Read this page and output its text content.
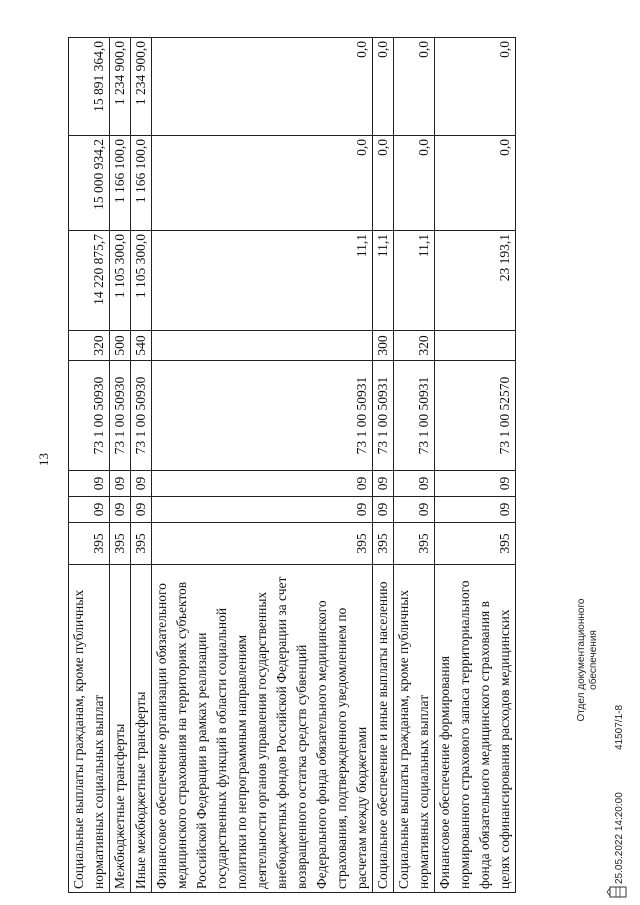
13
Социальные выплаты гражданам, кроме публичных нормативных социальных выплат	395	09	09	73 1 00 50930	320	14 220 875,7	15 000 934,2	15 891 364,0
Межбюджетные трансферты	395	09	09	73 1 00 50930	500	1 105 300,0	1 166 100,0	1 234 900,0
Иные межбюджетные трансферты	395	09	09	73 1 00 50930	540	1 105 300,0	1 166 100,0	1 234 900,0
Финансовое обеспечение организации обязательного медицинского страхования на территориях субъектов Российской Федерации в рамках реализации государственных функций в области социальной политики по непрограммным направлениям деятельности органов управления государственных внебюджетных фондов Российской Федерации за счет возвращенного остатка средств субвенций Федерального фонда обязательного медицинского страхования, подтвержденного уведомлением по расчетам между бюджетами	395	09	09	73 1 00 50931		11,1	0,0	0,0
Социальное обеспечение и иные выплаты населению	395	09	09	73 1 00 50931	300	11,1	0,0	0,0
Социальные выплаты гражданам, кроме публичных нормативных социальных выплат	395	09	09	73 1 00 50931	320	11,1	0,0	0,0
Финансовое обеспечение формирования нормированного страхового запаса территориального фонда обязательного медицинского страхования в целях софинансирования расходов медицинских	395	09	09	73 1 00 52570		23 193,1	0,0	0,0
25.05.2022 14:20:00
41507/1-8
Отдел документационного обеспечения
